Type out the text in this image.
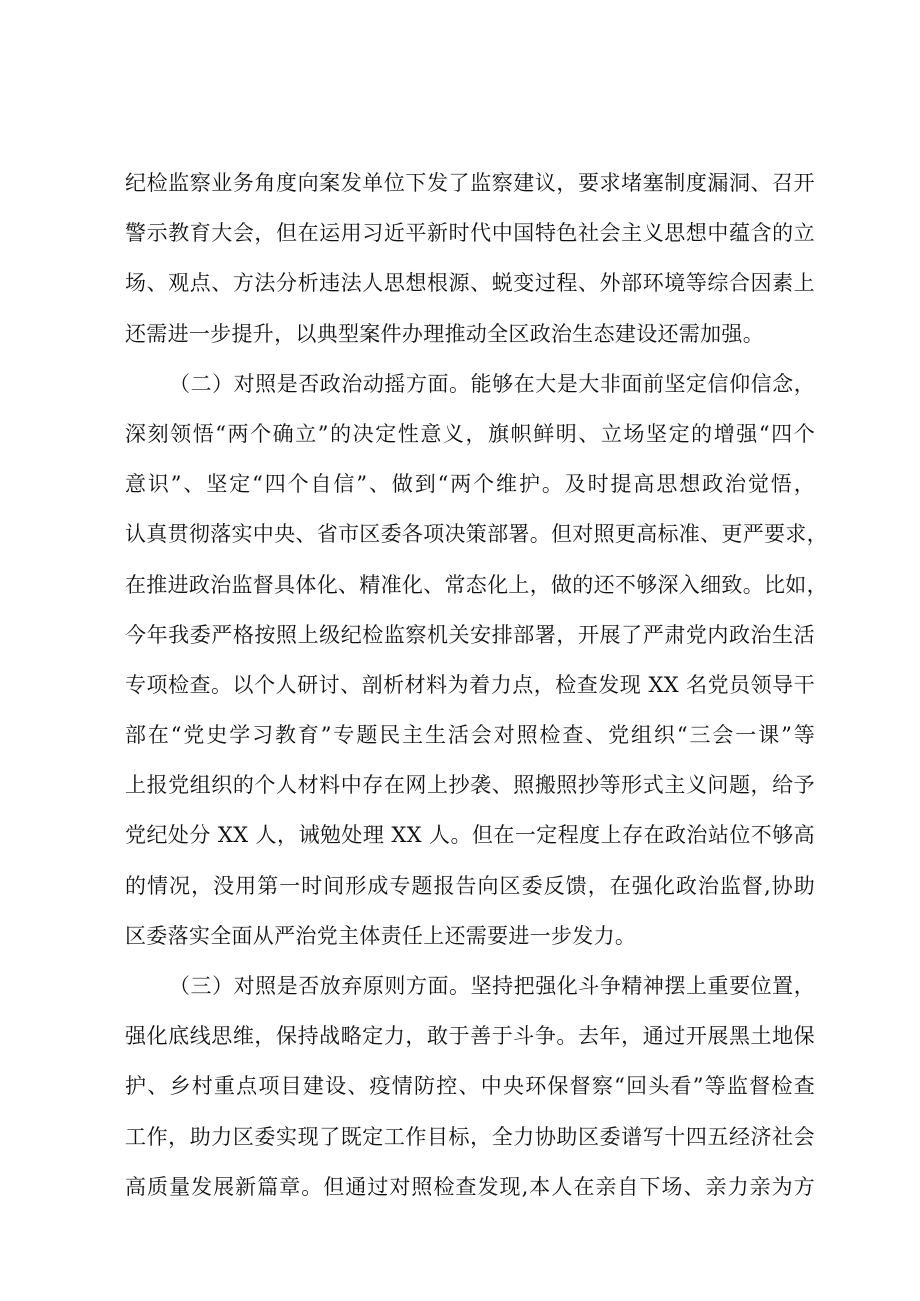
纪检监察业务角度向案发单位下发了监察建议，要求堵塞制度漏洞、召开
警示教育大会，但在运用习近平新时代中国特色社会主义思想中蕴含的立
场、观点、方法分析违法人思想根源、蜕变过程、外部环境等综合因素上
还需进一步提升，以典型案件办理推动全区政治生态建设还需加强。
（二）对照是否政治动摇方面。能够在大是大非面前坚定信仰信念，
深刻领悟“两个确立”的决定性意义，旗帜鲜明、立场坚定的增强“四个
意识”、坚定“四个自信”、做到“两个维护。及时提高思想政治觉悟，
认真贯彻落实中央、省市区委各项决策部署。但对照更高标准、更严要求，
在推进政治监督具体化、精准化、常态化上，做的还不够深入细致。比如，
今年我委严格按照上级纪检监察机关安排部署，开展了严肃党内政治生活
专项检查。以个人研讨、剖析材料为着力点，检查发现 XX 名党员领导干
部在“党史学习教育”专题民主生活会对照检查、党组织“三会一课”等
上报党组织的个人材料中存在网上抄袭、照搬照抄等形式主义问题，给予
党纪处分 XX 人，诫勉处理 XX 人。但在一定程度上存在政治站位不够高
的情况，没用第一时间形成专题报告向区委反馈，在强化政治监督,协助
区委落实全面从严治党主体责任上还需要进一步发力。
（三）对照是否放弃原则方面。坚持把强化斗争精神摆上重要位置，
强化底线思维，保持战略定力，敢于善于斗争。去年，通过开展黑土地保
护、乡村重点项目建设、疫情防控、中央环保督察“回头看”等监督检查
工作，助力区委实现了既定工作目标，全力协助区委谱写十四五经济社会
高质量发展新篇章。但通过对照检查发现,本人在亲自下场、亲力亲为方
